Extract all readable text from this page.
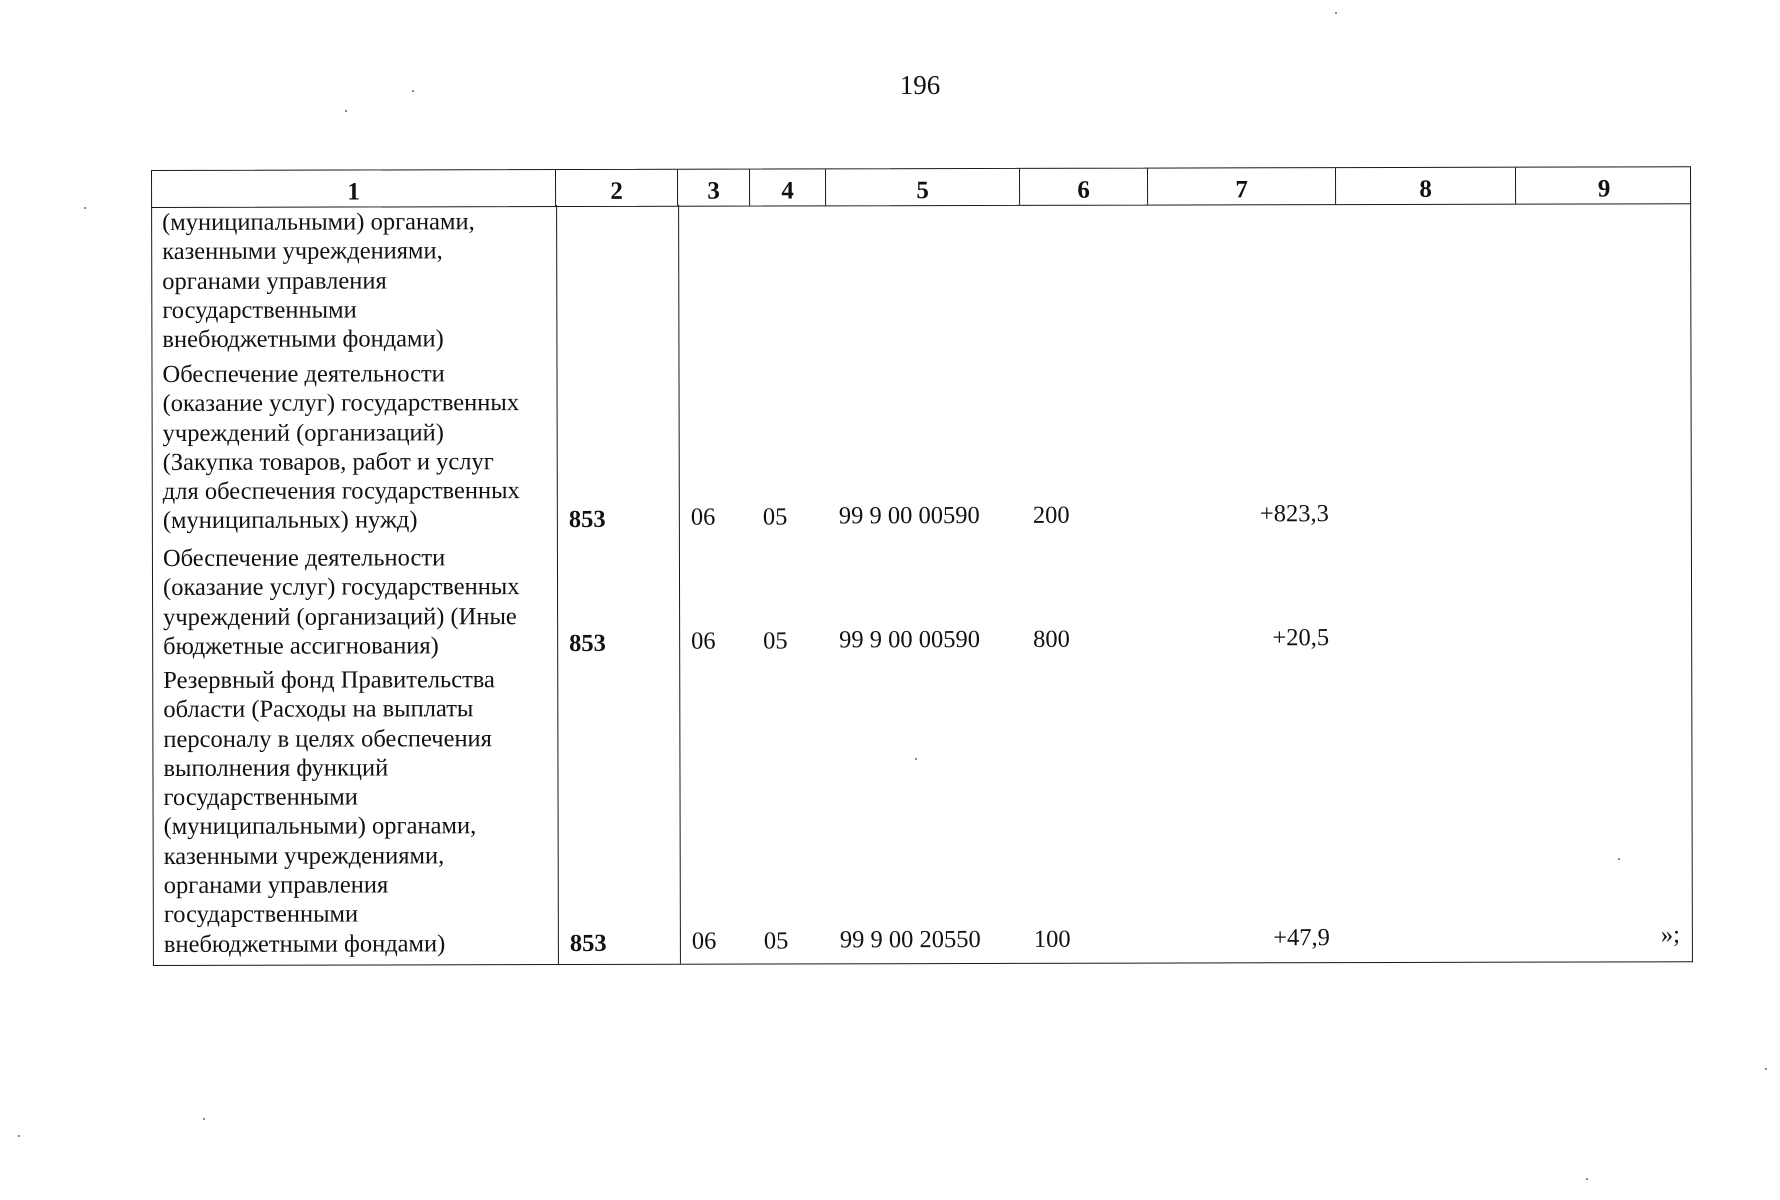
196
1	2	3	4	5	6	7	8	9
(муниципальными) органами,
казенными учреждениями,
органами управления
государственными
внебюджетными фондами)
Обеспечение деятельности
(оказание услуг) государственных
учреждений (организаций)
(Закупка товаров, работ и услуг
для обеспечения государственных
(муниципальных) нужд)	853	06 05 99 9 00 00590 200	+823,3
Обеспечение деятельности
(оказание услуг) государственных
учреждений (организаций) (Иные
бюджетные ассигнования)	853	06 05 99 9 00 00590 800	+20,5
Резервный фонд Правительства
области (Расходы на выплаты
персоналу в целях обеспечения
выполнения функций
государственными
(муниципальными) органами,
казенными учреждениями,
органами управления
государственными
внебюджетными фондами)	853	06 05 99 9 00 20550 100	+47,9	»;
